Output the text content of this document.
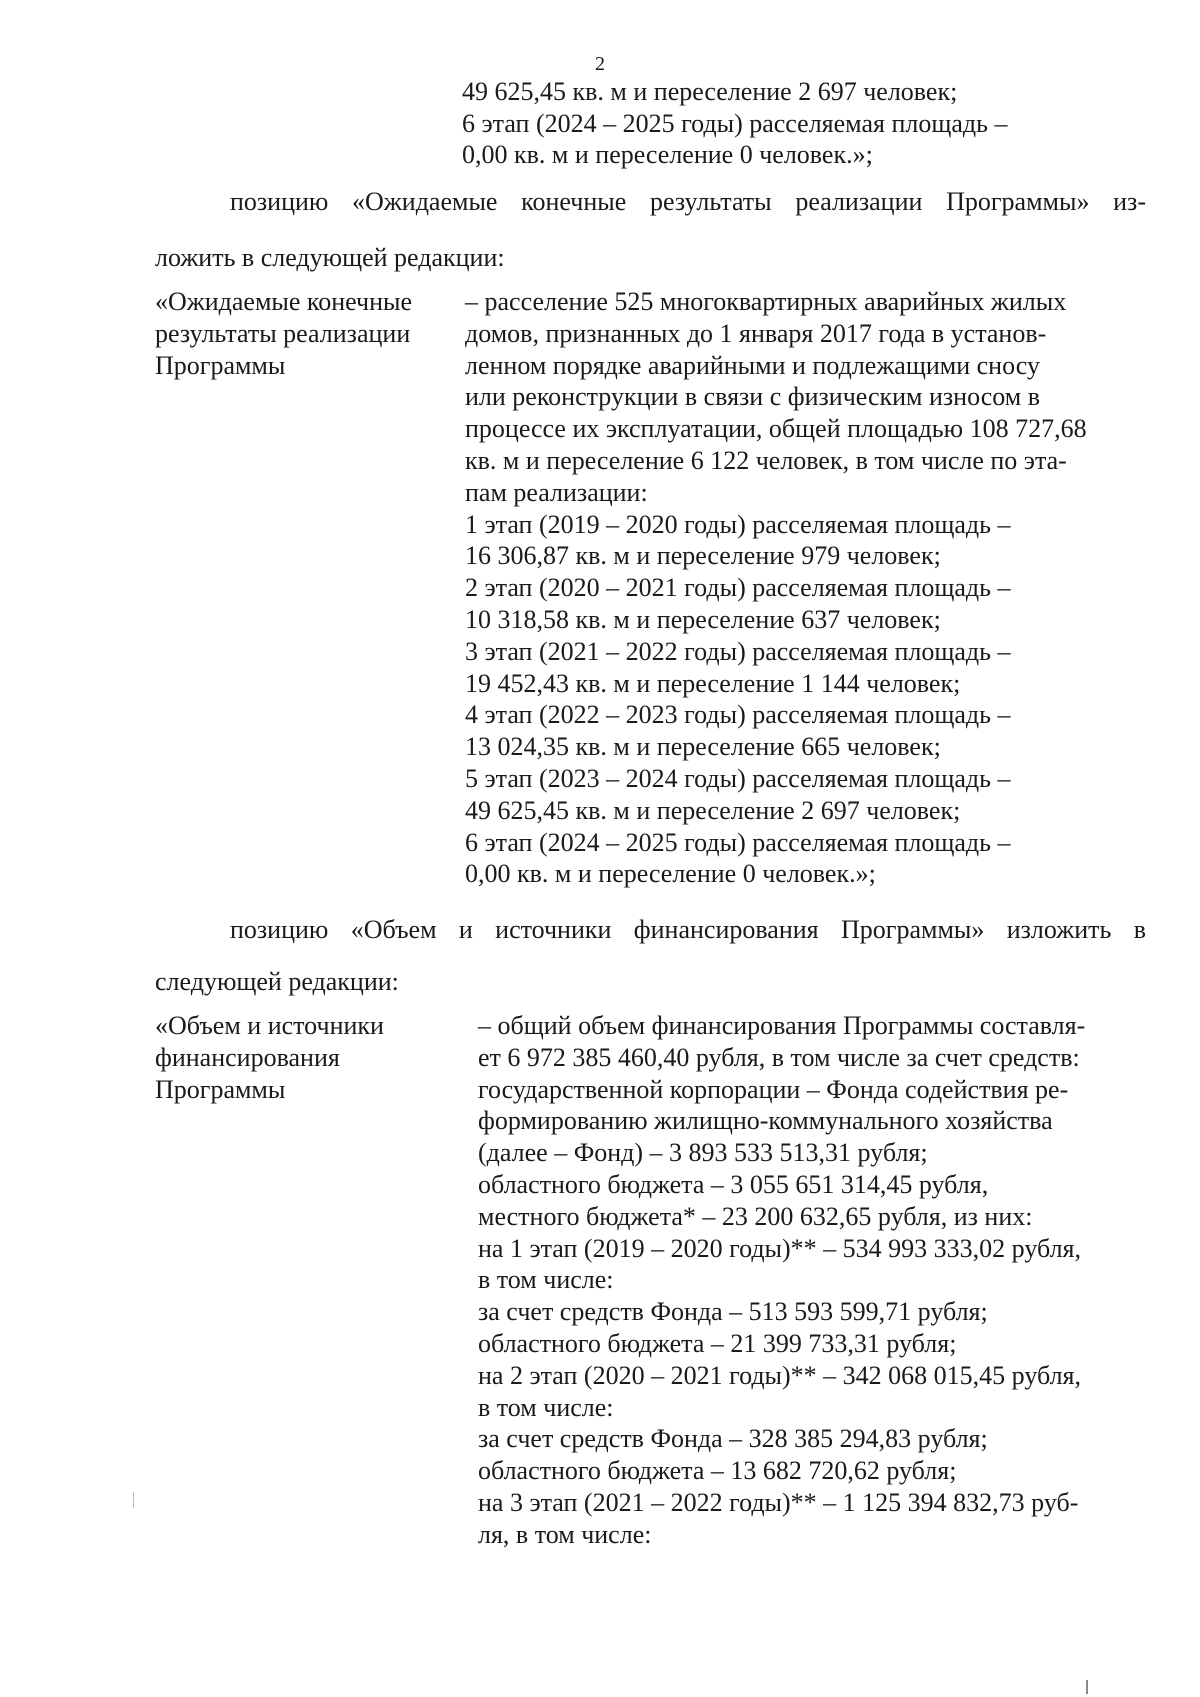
2
49 625,45 кв. м и переселение 2 697 человек;
6 этап (2024 – 2025 годы) расселяемая площадь –
0,00 кв. м и переселение 0 человек.»;
позицию «Ожидаемые конечные результаты реализации Программы» из-
ложить в следующей редакции:
«Ожидаемые конечные
результаты реализации
Программы
– расселение 525 многоквартирных аварийных жилых
домов, признанных до 1 января 2017 года в установ-
ленном порядке аварийными и подлежащими сносу
или реконструкции в связи с физическим износом в
процессе их эксплуатации, общей площадью 108 727,68
кв. м и переселение 6 122 человек, в том числе по эта-
пам реализации:
1 этап (2019 – 2020 годы) расселяемая площадь –
16 306,87 кв. м и переселение 979 человек;
2 этап (2020 – 2021 годы) расселяемая площадь –
10 318,58 кв. м и переселение 637 человек;
3 этап (2021 – 2022 годы) расселяемая площадь –
19 452,43 кв. м и переселение 1 144 человек;
4 этап (2022 – 2023 годы) расселяемая площадь –
13 024,35 кв. м и переселение 665 человек;
5 этап (2023 – 2024 годы) расселяемая площадь –
49 625,45 кв. м и переселение 2 697 человек;
6 этап (2024 – 2025 годы) расселяемая площадь –
0,00 кв. м и переселение 0 человек.»;
позицию «Объем и источники финансирования Программы» изложить в
следующей редакции:
«Объем и источники
финансирования
Программы
– общий объем финансирования Программы составля-
ет 6 972 385 460,40 рубля, в том числе за счет средств:
государственной корпорации – Фонда содействия ре-
формированию жилищно-коммунального хозяйства
(далее – Фонд) – 3 893 533 513,31 рубля;
областного бюджета – 3 055 651 314,45 рубля,
местного бюджета* – 23 200 632,65 рубля, из них:
на 1 этап (2019 – 2020 годы)** – 534 993 333,02 рубля,
в том числе:
за счет средств Фонда – 513 593 599,71 рубля;
областного бюджета – 21 399 733,31 рубля;
на 2 этап (2020 – 2021 годы)** – 342 068 015,45 рубля,
в том числе:
за счет средств Фонда – 328 385 294,83 рубля;
областного бюджета – 13 682 720,62 рубля;
на 3 этап (2021 – 2022 годы)** – 1 125 394 832,73 руб-
ля, в том числе:
